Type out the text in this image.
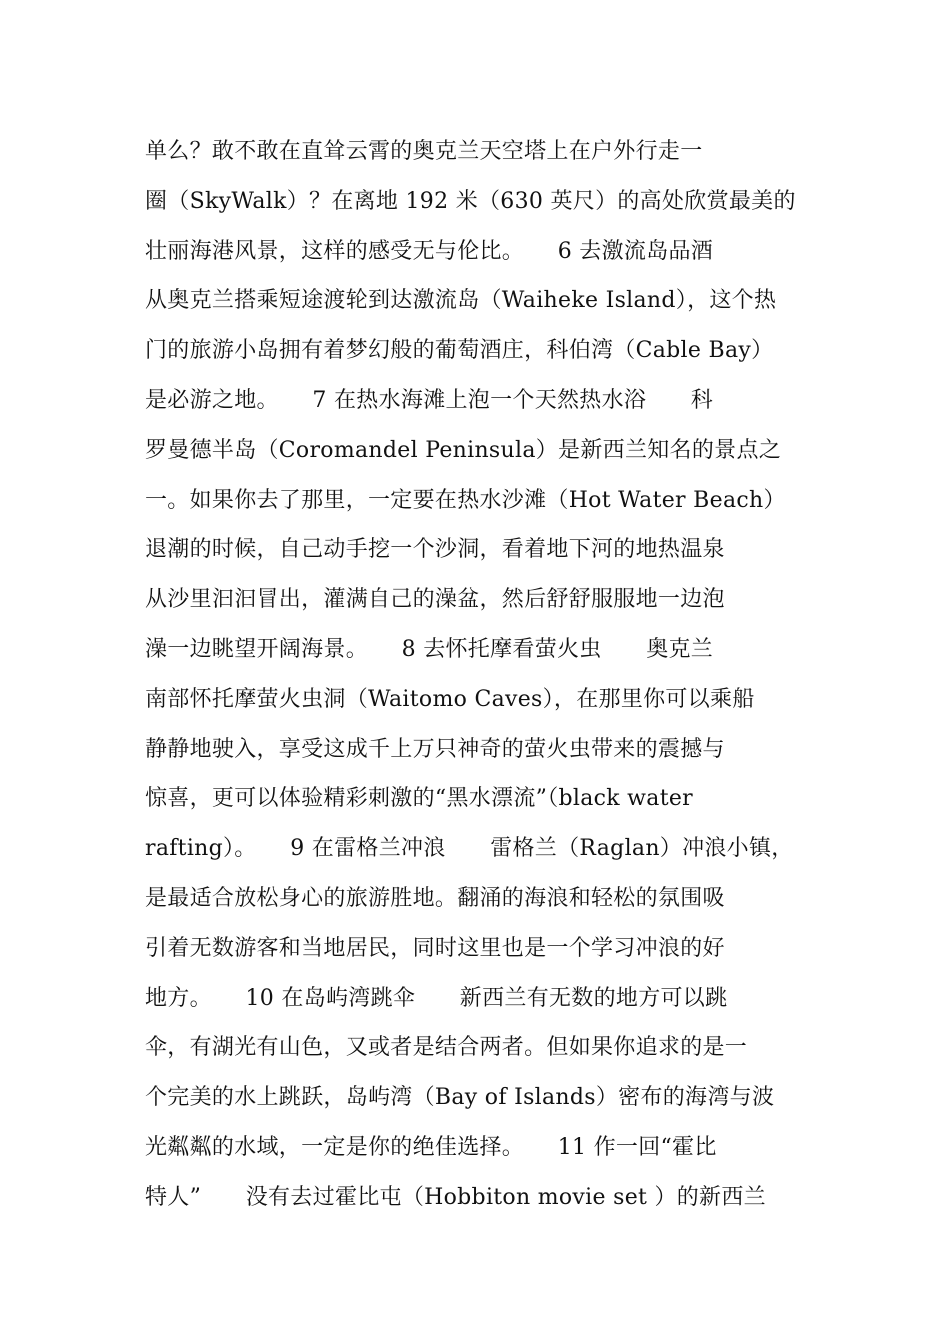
单么？敢不敢在直耸云霄的奥克兰天空塔上在户外行走一
圈（SkyWalk）？在离地 192 米（630 英尺）的高处欣赏最美的
壮丽海港风景，这样的感受无与伦比。　　6 去激流岛品酒
从奥克兰搭乘短途渡轮到达激流岛（Waiheke Island），这个热
门的旅游小岛拥有着梦幻般的葡萄酒庄，科伯湾（Cable Bay）
是必游之地。　　7 在热水海滩上泡一个天然热水浴　　科
罗曼德半岛（Coromandel Peninsula）是新西兰知名的景点之
一。如果你去了那里，一定要在热水沙滩（Hot Water Beach）
退潮的时候，自己动手挖一个沙洞，看着地下河的地热温泉
从沙里汩汩冒出，灌满自己的澡盆，然后舒舒服服地一边泡
澡一边眺望开阔海景。　　8 去怀托摩看萤火虫　　奥克兰
南部怀托摩萤火虫洞（Waitomo Caves），在那里你可以乘船
静静地驶入，享受这成千上万只神奇的萤火虫带来的震撼与
惊喜，更可以体验精彩刺激的“黑水漂流”（black water
rafting）。　　9 在雷格兰冲浪　　雷格兰（Raglan）冲浪小镇，
是最适合放松身心的旅游胜地。翻涌的海浪和轻松的氛围吸
引着无数游客和当地居民，同时这里也是一个学习冲浪的好
地方。　　10 在岛屿湾跳伞　　新西兰有无数的地方可以跳
伞，有湖光有山色，又或者是结合两者。但如果你追求的是一
个完美的水上跳跃，岛屿湾（Bay of Islands）密布的海湾与波
光粼粼的水域，一定是你的绝佳选择。　　11 作一回“霍比
特人”　　没有去过霍比屯（Hobbiton movie set ）的新西兰
